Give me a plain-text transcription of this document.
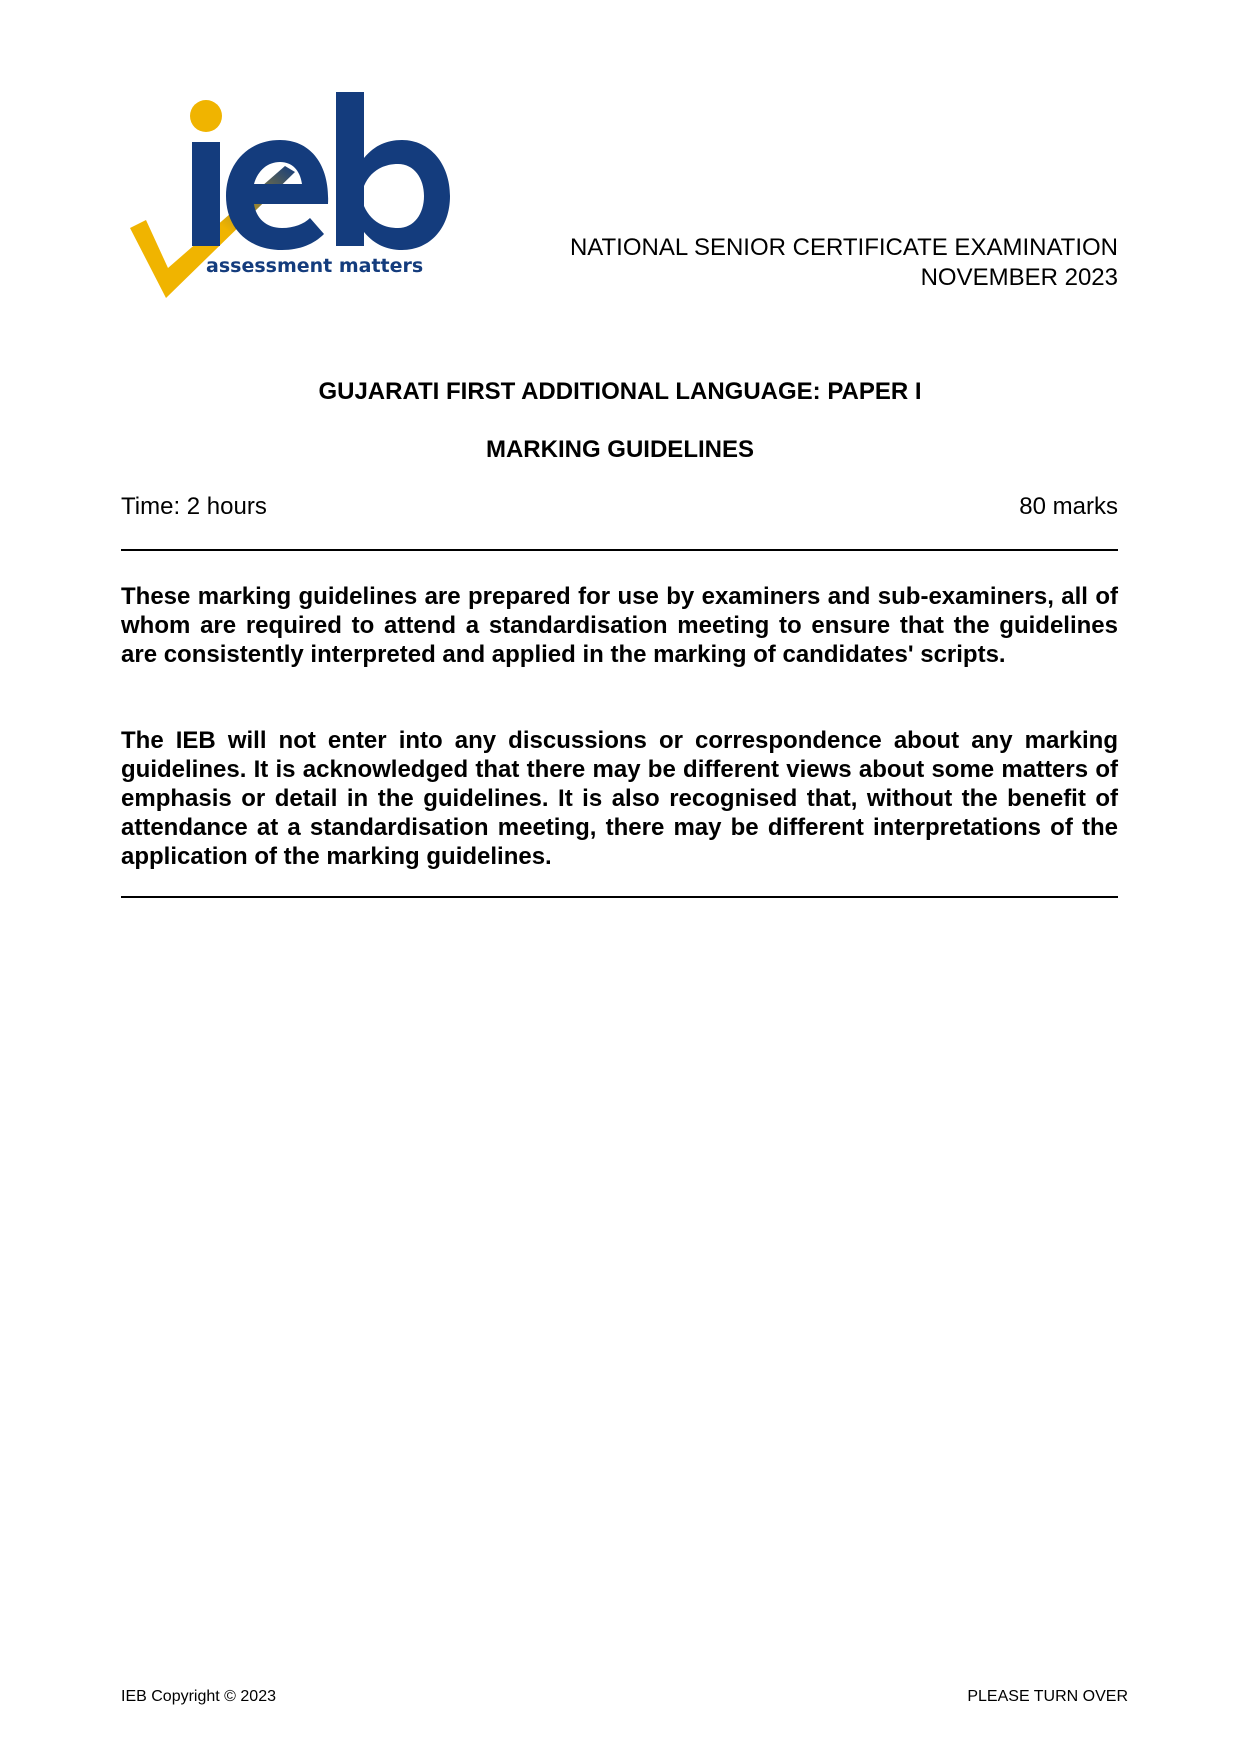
assessment matters
NATIONAL SENIOR CERTIFICATE EXAMINATION
NOVEMBER 2023
GUJARATI FIRST ADDITIONAL LANGUAGE: PAPER I
MARKING GUIDELINES
Time: 2 hours	80 marks
These marking guidelines are prepared for use by examiners and sub-examiners, all of whom are required to attend a standardisation meeting to ensure that the guidelines are consistently interpreted and applied in the marking of candidates' scripts.
The IEB will not enter into any discussions or correspondence about any marking guidelines. It is acknowledged that there may be different views about some matters of emphasis or detail in the guidelines. It is also recognised that, without the benefit of attendance at a standardisation meeting, there may be different interpretations of the application of the marking guidelines.
IEB Copyright © 2023	PLEASE TURN OVER
